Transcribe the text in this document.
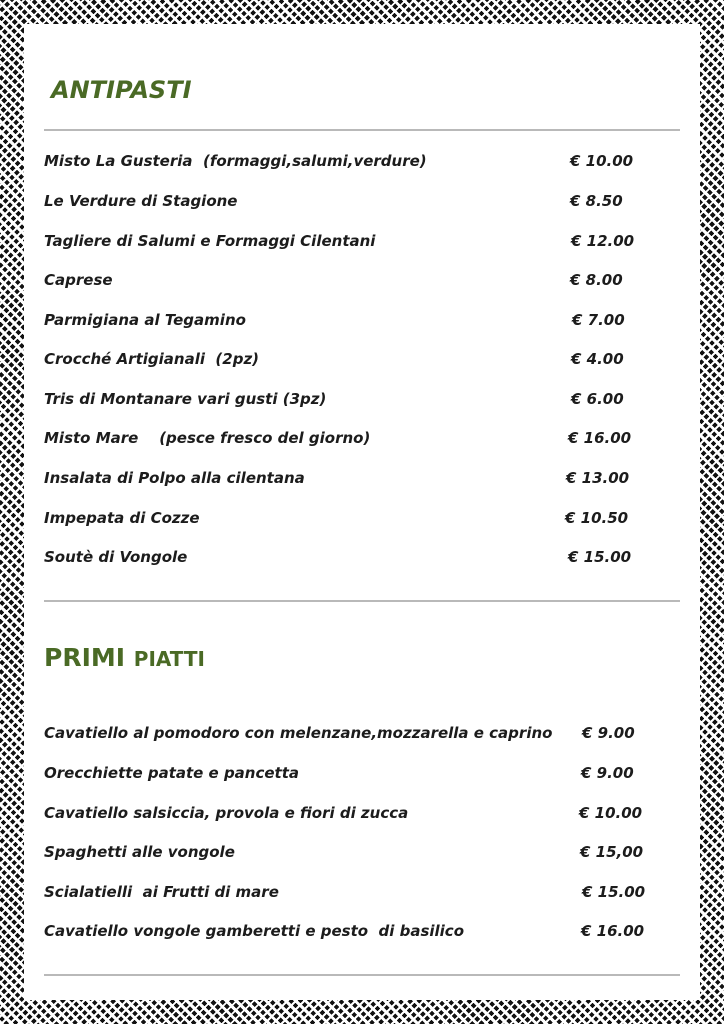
ANTIPASTI
Misto La Gusteria  (formaggi,salumi,verdure)	€ 10.00
Le Verdure di Stagione	€ 8.50
Tagliere di Salumi e Formaggi Cilentani	€ 12.00
Caprese	€ 8.00
Parmigiana al Tegamino	€ 7.00
Crocché Artigianali  (2pz)	€ 4.00
Tris di Montanare vari gusti (3pz)	€ 6.00
Misto Mare    (pesce fresco del giorno)	€ 16.00
Insalata di Polpo alla cilentana	€ 13.00
Impepata di Cozze	€ 10.50
Soutè di Vongole	€ 15.00
PRIMI PIATTI
Cavatiello al pomodoro con melenzane,mozzarella e caprino € 9.00
Orecchiette patate e pancetta	€ 9.00
Cavatiello salsiccia, provola e fiori di zucca	€ 10.00
Spaghetti alle vongole	€ 15,00
Scialatielli  ai Frutti di mare	€ 15.00
Cavatiello vongole gamberetti e pesto  di basilico	€ 16.00
